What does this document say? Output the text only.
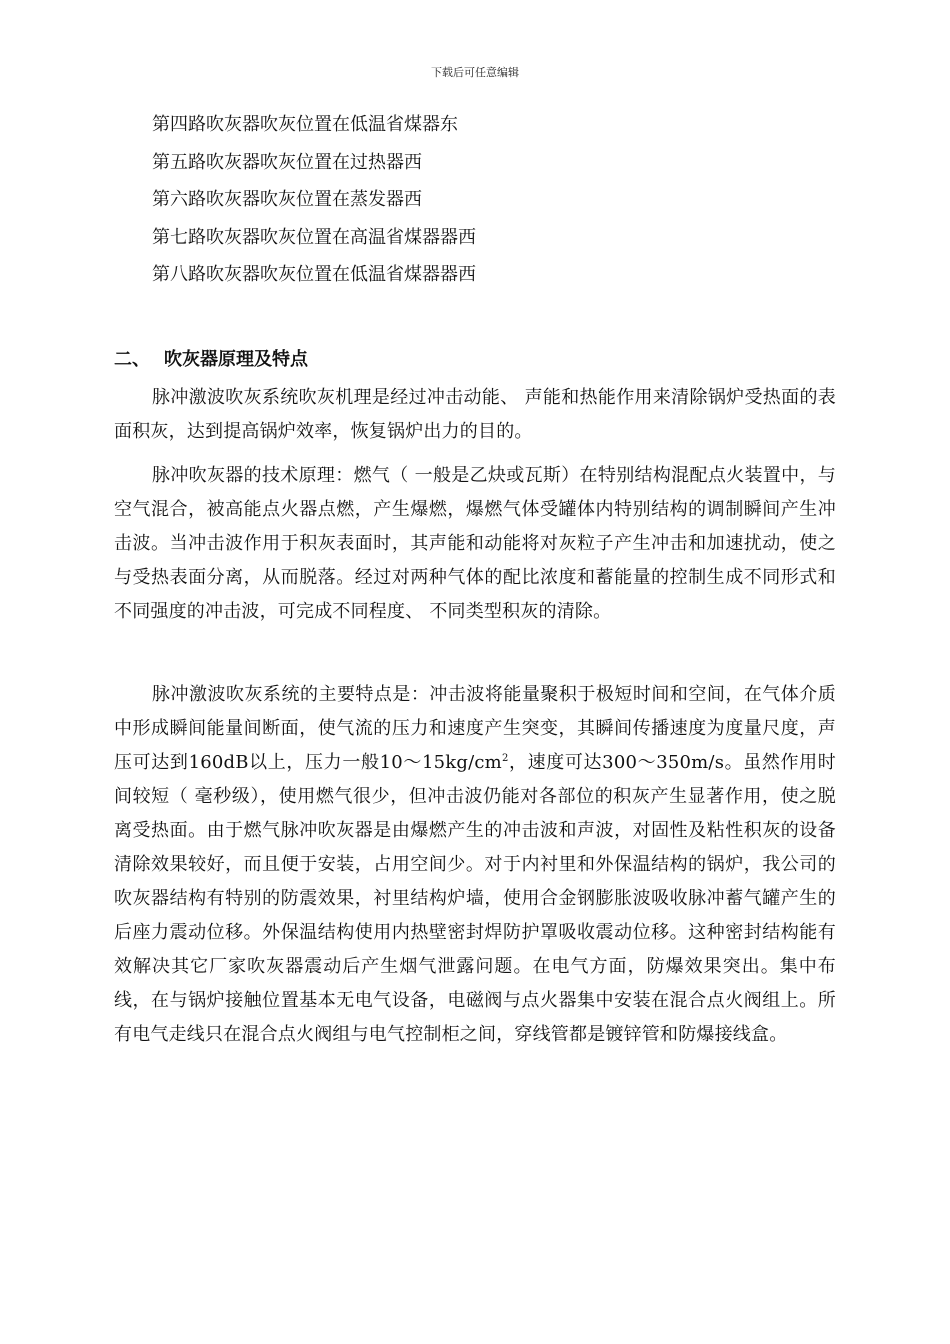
下载后可任意编辑
第四路吹灰器吹灰位置在低温省煤器东
第五路吹灰器吹灰位置在过热器西
第六路吹灰器吹灰位置在蒸发器西
第七路吹灰器吹灰位置在高温省煤器器西
第八路吹灰器吹灰位置在低温省煤器器西
二、 吹灰器原理及特点

脉冲激波吹灰系统吹灰机理是经过冲击动能、 声能和热能作用来清除锅炉受热面的表面积灰，达到提高锅炉效率，恢复锅炉出力的目的。

脉冲吹灰器的技术原理：燃气（ 一般是乙炔或瓦斯）在特别结构混配点火装置中，与空气混合，被高能点火器点燃，产生爆燃，爆燃气体受罐体内特别结构的调制瞬间产生冲击波。当冲击波作用于积灰表面时，其声能和动能将对灰粒子产生冲击和加速扰动，使之与受热表面分离，从而脱落。经过对两种气体的配比浓度和蓄能量的控制生成不同形式和不同强度的冲击波，可完成不同程度、 不同类型积灰的清除。

脉冲激波吹灰系统的主要特点是：冲击波将能量聚积于极短时间和空间，在气体介质中形成瞬间能量间断面，使气流的压力和速度产生突变，其瞬间传播速度为度量尺度，声压可达到160dB以上，压力一般$10\sim 15kg/cm^2$，速度可达300～350m/s。虽然作用时间较短（ 毫秒级），使用燃气很少，但冲击波仍能对各部位的积灰产生显著作用，使之脱离受热面。由于燃气脉冲吹灰器是由爆燃产生的冲击波和声波，对固性及粘性积灰的设备清除效果较好，而且便于安装，占用空间少。对于内衬里和外保温结构的锅炉，我公司的吹灰器结构有特别的防震效果，衬里结构炉墙，使用合金钢膨胀波吸收脉冲蓄气罐产生的后座力震动位移。外保温结构使用内热壁密封焊防护罩吸收震动位移。这种密封结构能有效解决其它厂家吹灰器震动后产生烟气泄露问题。在电气方面，防爆效果突出。集中布线，在与锅炉接触位置基本无电气设备，电磁阀与点火器集中安装在混合点火阀组上。所有电气走线只在混合点火阀组与电气控制柜之间，穿线管都是镀锌管和防爆接线盒。
